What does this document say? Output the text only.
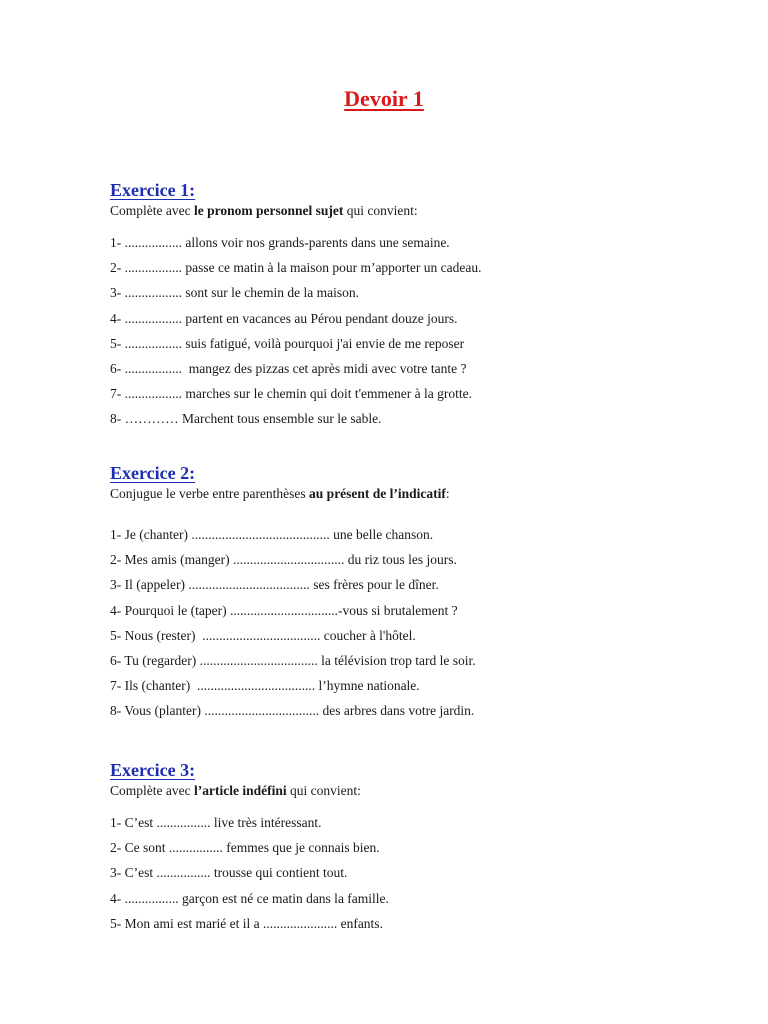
Devoir 1
Exercice 1:

Complète avec le pronom personnel sujet qui convient:

1- ................. allons voir nos grands-parents dans une semaine.
2- ................. passe ce matin à la maison pour m’apporter un cadeau.
3- ................. sont sur le chemin de la maison.
4- ................. partent en vacances au Pérou pendant douze jours.
5- ................. suis fatigué, voilà pourquoi j'ai envie de me reposer
6- .................  mangez des pizzas cet après midi avec votre tante ?
7- ................. marches sur le chemin qui doit t'emmener à la grotte.
8- ………… Marchent tous ensemble sur le sable.
Exercice 2:

Conjugue le verbe entre parenthèses au présent de l’indicatif:

1- Je (chanter) ......................................... une belle chanson.
2- Mes amis (manger) ................................. du riz tous les jours.
3- Il (appeler) .................................... ses frères pour le dîner.
4- Pourquoi le (taper) ................................-vous si brutalement ?
5- Nous (rester)  ................................... coucher à l'hôtel.
6- Tu (regarder) ................................... la télévision trop tard le soir.
7- Ils (chanter)  ................................... l’hymne nationale.
8- Vous (planter) .................................. des arbres dans votre jardin.
Exercice 3:

Complète avec l’article indéfini qui convient:

1- C’est ................ live très intéressant.
2- Ce sont ................ femmes que je connais bien.
3- C’est ................ trousse qui contient tout.
4- ................ garçon est né ce matin dans la famille.
5- Mon ami est marié et il a ...................... enfants.
